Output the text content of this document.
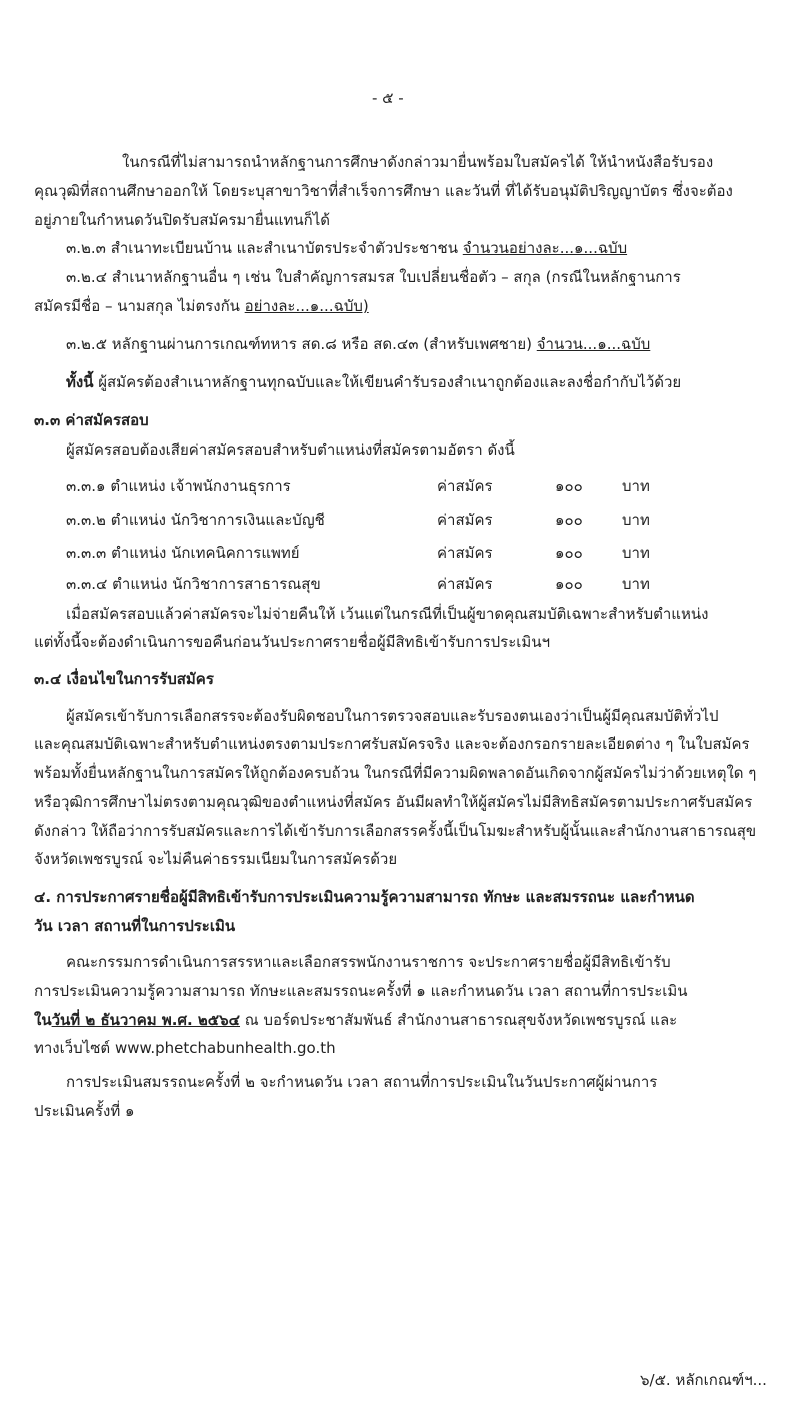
- ๕ -
ในกรณีที่ไม่สามารถนำหลักฐานการศึกษาดังกล่าวมายื่นพร้อมใบสมัครได้ ให้นำหนังสือรับรอง
คุณวุฒิที่สถานศึกษาออกให้ โดยระบุสาขาวิชาที่สำเร็จการศึกษา และวันที่ ที่ได้รับอนุมัติปริญญาบัตร ซึ่งจะต้อง
อยู่ภายในกำหนดวันปิดรับสมัครมายื่นแทนก็ได้
๓.๒.๓ สำเนาทะเบียนบ้าน และสำเนาบัตรประจำตัวประชาชน จำนวนอย่างละ...๑...ฉบับ
๓.๒.๔ สำเนาหลักฐานอื่น ๆ เช่น ใบสำคัญการสมรส ใบเปลี่ยนชื่อตัว – สกุล (กรณีในหลักฐานการ
สมัครมีชื่อ – นามสกุล ไม่ตรงกัน อย่างละ...๑...ฉบับ)
๓.๒.๕ หลักฐานผ่านการเกณฑ์ทหาร สด.๘ หรือ สด.๔๓ (สำหรับเพศชาย) จำนวน...๑...ฉบับ
ทั้งนี้ ผู้สมัครต้องสำเนาหลักฐานทุกฉบับและให้เขียนคำรับรองสำเนาถูกต้องและลงชื่อกำกับไว้ด้วย
๓.๓ ค่าสมัครสอบ
ผู้สมัครสอบต้องเสียค่าสมัครสอบสำหรับตำแหน่งที่สมัครตามอัตรา ดังนี้
๓.๓.๑ ตำแหน่ง เจ้าพนักงานธุรการ	ค่าสมัคร	๑๐๐	บาท
๓.๓.๒ ตำแหน่ง นักวิชาการเงินและบัญชี	ค่าสมัคร	๑๐๐	บาท
๓.๓.๓ ตำแหน่ง นักเทคนิคการแพทย์	ค่าสมัคร	๑๐๐	บาท
๓.๓.๔ ตำแหน่ง นักวิชาการสาธารณสุข	ค่าสมัคร	๑๐๐	บาท
เมื่อสมัครสอบแล้วค่าสมัครจะไม่จ่ายคืนให้ เว้นแต่ในกรณีที่เป็นผู้ขาดคุณสมบัติเฉพาะสำหรับตำแหน่ง
แต่ทั้งนี้จะต้องดำเนินการขอคืนก่อนวันประกาศรายชื่อผู้มีสิทธิเข้ารับการประเมินฯ
๓.๔ เงื่อนไขในการรับสมัคร
ผู้สมัครเข้ารับการเลือกสรรจะต้องรับผิดชอบในการตรวจสอบและรับรองตนเองว่าเป็นผู้มีคุณสมบัติทั่วไป
และคุณสมบัติเฉพาะสำหรับตำแหน่งตรงตามประกาศรับสมัครจริง และจะต้องกรอกรายละเอียดต่าง ๆ ในใบสมัคร
พร้อมทั้งยื่นหลักฐานในการสมัครให้ถูกต้องครบถ้วน ในกรณีที่มีความผิดพลาดอันเกิดจากผู้สมัครไม่ว่าด้วยเหตุใด ๆ
หรือวุฒิการศึกษาไม่ตรงตามคุณวุฒิของตำแหน่งที่สมัคร อันมีผลทำให้ผู้สมัครไม่มีสิทธิสมัครตามประกาศรับสมัคร
ดังกล่าว ให้ถือว่าการรับสมัครและการได้เข้ารับการเลือกสรรครั้งนี้เป็นโมฆะสำหรับผู้นั้นและสำนักงานสาธารณสุข
จังหวัดเพชรบูรณ์ จะไม่คืนค่าธรรมเนียมในการสมัครด้วย
๔. การประกาศรายชื่อผู้มีสิทธิเข้ารับการประเมินความรู้ความสามารถ ทักษะ และสมรรถนะ และกำหนด
วัน เวลา สถานที่ในการประเมิน
คณะกรรมการดำเนินการสรรหาและเลือกสรรพนักงานราชการ จะประกาศรายชื่อผู้มีสิทธิเข้ารับ
การประเมินความรู้ความสามารถ ทักษะและสมรรถนะครั้งที่ ๑ และกำหนดวัน เวลา สถานที่การประเมิน
ในวันที่ ๒ ธันวาคม พ.ศ. ๒๕๖๔ ณ บอร์ดประชาสัมพันธ์ สำนักงานสาธารณสุขจังหวัดเพชรบูรณ์ และ
ทางเว็บไซต์ www.phetchabunhealth.go.th
การประเมินสมรรถนะครั้งที่ ๒ จะกำหนดวัน เวลา สถานที่การประเมินในวันประกาศผู้ผ่านการ
ประเมินครั้งที่ ๑
๖/๕. หลักเกณฑ์ฯ...
